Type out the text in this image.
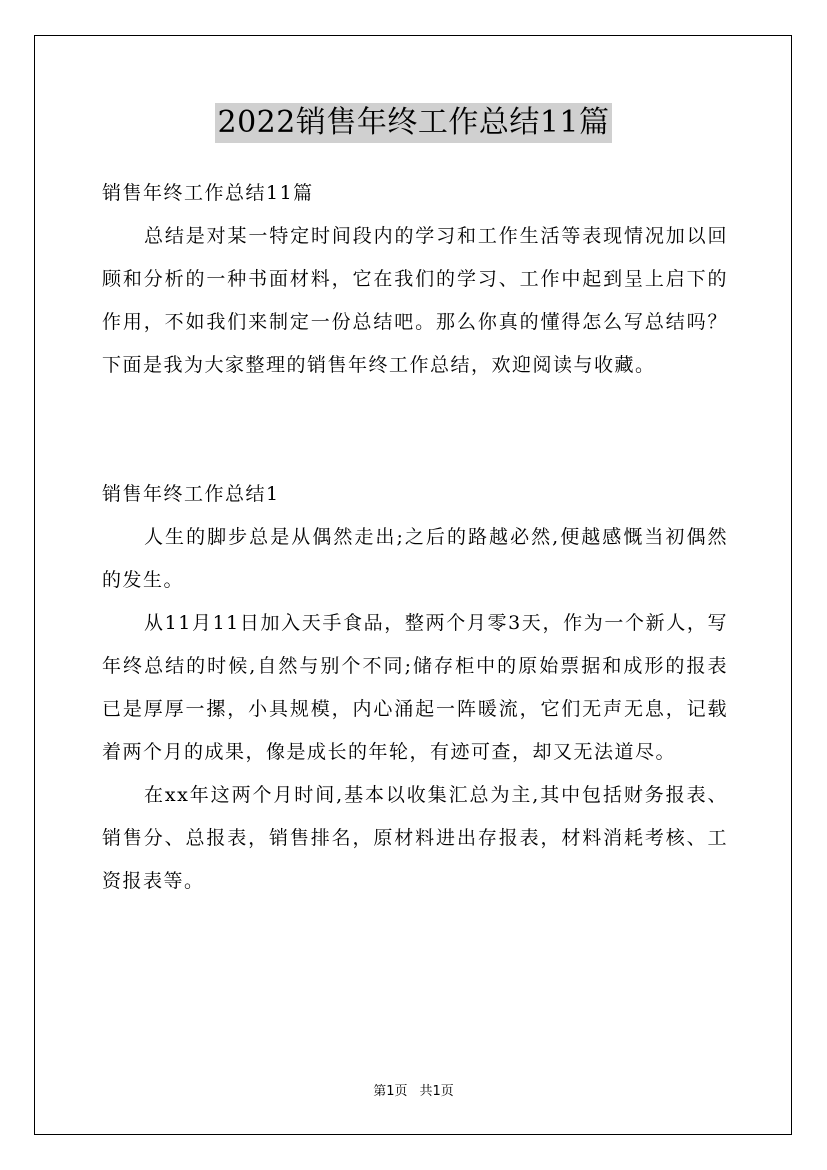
2022销售年终工作总结11篇

销售年终工作总结11篇

总结是对某一特定时间段内的学习和工作生活等表现情况加以回顾和分析的一种书面材料，它在我们的学习、工作中起到呈上启下的作用，不如我们来制定一份总结吧。那么你真的懂得怎么写总结吗？下面是我为大家整理的销售年终工作总结，欢迎阅读与收藏。

销售年终工作总结1

人生的脚步总是从偶然走出;之后的路越必然,便越感慨当初偶然的发生。

从11月11日加入天手食品，整两个月零3天，作为一个新人，写年终总结的时候,自然与别个不同;储存柜中的原始票据和成形的报表已是厚厚一摞，小具规模，内心涌起一阵暖流，它们无声无息，记载着两个月的成果，像是成长的年轮，有迹可查，却又无法道尽。

在xx年这两个月时间,基本以收集汇总为主,其中包括财务报表、销售分、总报表，销售排名，原材料进出存报表，材料消耗考核、工资报表等。

第1页 共1页
